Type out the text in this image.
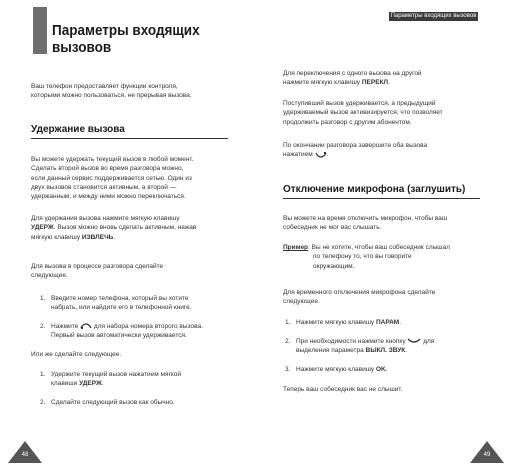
Параметры входящих
вызовов
Параметры входящих вызовов
Ваш телефон предоставляет функции контроля,
которыми можно пользоваться, не прерывая вызова.
Удержание вызова
Вы можете удержать текущий вызов в любой момент.
Сделать второй вызов во время разговора можно,
если данный сервис поддерживается сетью. Один из
двух вызовов становится активным, а второй —
удержанным, и между ними можно переключаться.
Для удержания вызова нажмите мягкую клавишу
УДЕРЖ. Вызов можно вновь сделать активным, нажав
мягкую клавишу ИЗВЛЕЧЬ.
Для вызова в процессе разговора сделайте
следующее.
1. Введите номер телефона, который вы хотите
набрать, или найдите его в телефонной книге.
2. Нажмите для набора номера второго вызова.
Первый вызов автоматически удерживается.
Или же сделайте следующее.
1. Удержите текущий вызов нажатием мягкой
клавиши УДЕРЖ.
2. Сделайте следующий вызов как обычно.
48
Для переключения с одного вызова на другой
нажмите мягкую клавишу ПЕРЕКЛ.
Поступивший вызов удерживается, а предыдущий
удерживаемый вызов активизируется, что позволяет
продолжить разговор с другим абонентом.
По окончании разговора завершите оба вызова
нажатием .
Отключение микрофона (заглушить)
Вы можете на время отключить микрофон, чтобы ваш
собеседник не мог вас слышать.
Пример: Вы не хотите, чтобы ваш собеседник слышал
по телефону то, что вы говорите
окружающим.
Для временного отключения микрофона сделайте
следующее.
1. Нажмите мягкую клавишу ПАРАМ.
2. При необходимости нажмите кнопку	для
выделения параметра ВЫКЛ. ЗВУК.
3. Нажмите мягкую клавишу OK.
Теперь ваш собеседник вас не слышит.
49
